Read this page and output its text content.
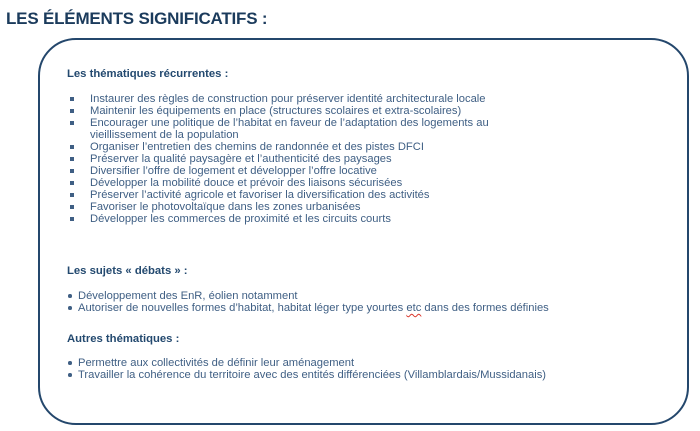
LES ÉLÉMENTS SIGNIFICATIFS :
Les thématiques récurrentes :
Instaurer des règles de construction pour préserver identité architecturale locale
Maintenir les équipements en place (structures scolaires et extra-scolaires)
Encourager une politique de l’habitat en faveur de l’adaptation des logements au
vieillissement de la population
Organiser l’entretien des chemins de randonnée et des pistes DFCI
Préserver la qualité paysagère et l’authenticité des paysages
Diversifier l’offre de logement et développer l’offre locative
Développer la mobilité douce et prévoir des liaisons sécurisées
Préserver l’activité agricole et favoriser la diversification des activités
Favoriser le photovoltaïque dans les zones urbanisées
Développer les commerces de proximité et les circuits courts
Les sujets « débats » :
Développement des EnR, éolien notamment
Autoriser de nouvelles formes d’habitat, habitat léger type yourtes etc dans des formes définies
Autres thématiques :
Permettre aux collectivités de définir leur aménagement
Travailler la cohérence du territoire avec des entités différenciées (Villamblardais/Mussidanais)
